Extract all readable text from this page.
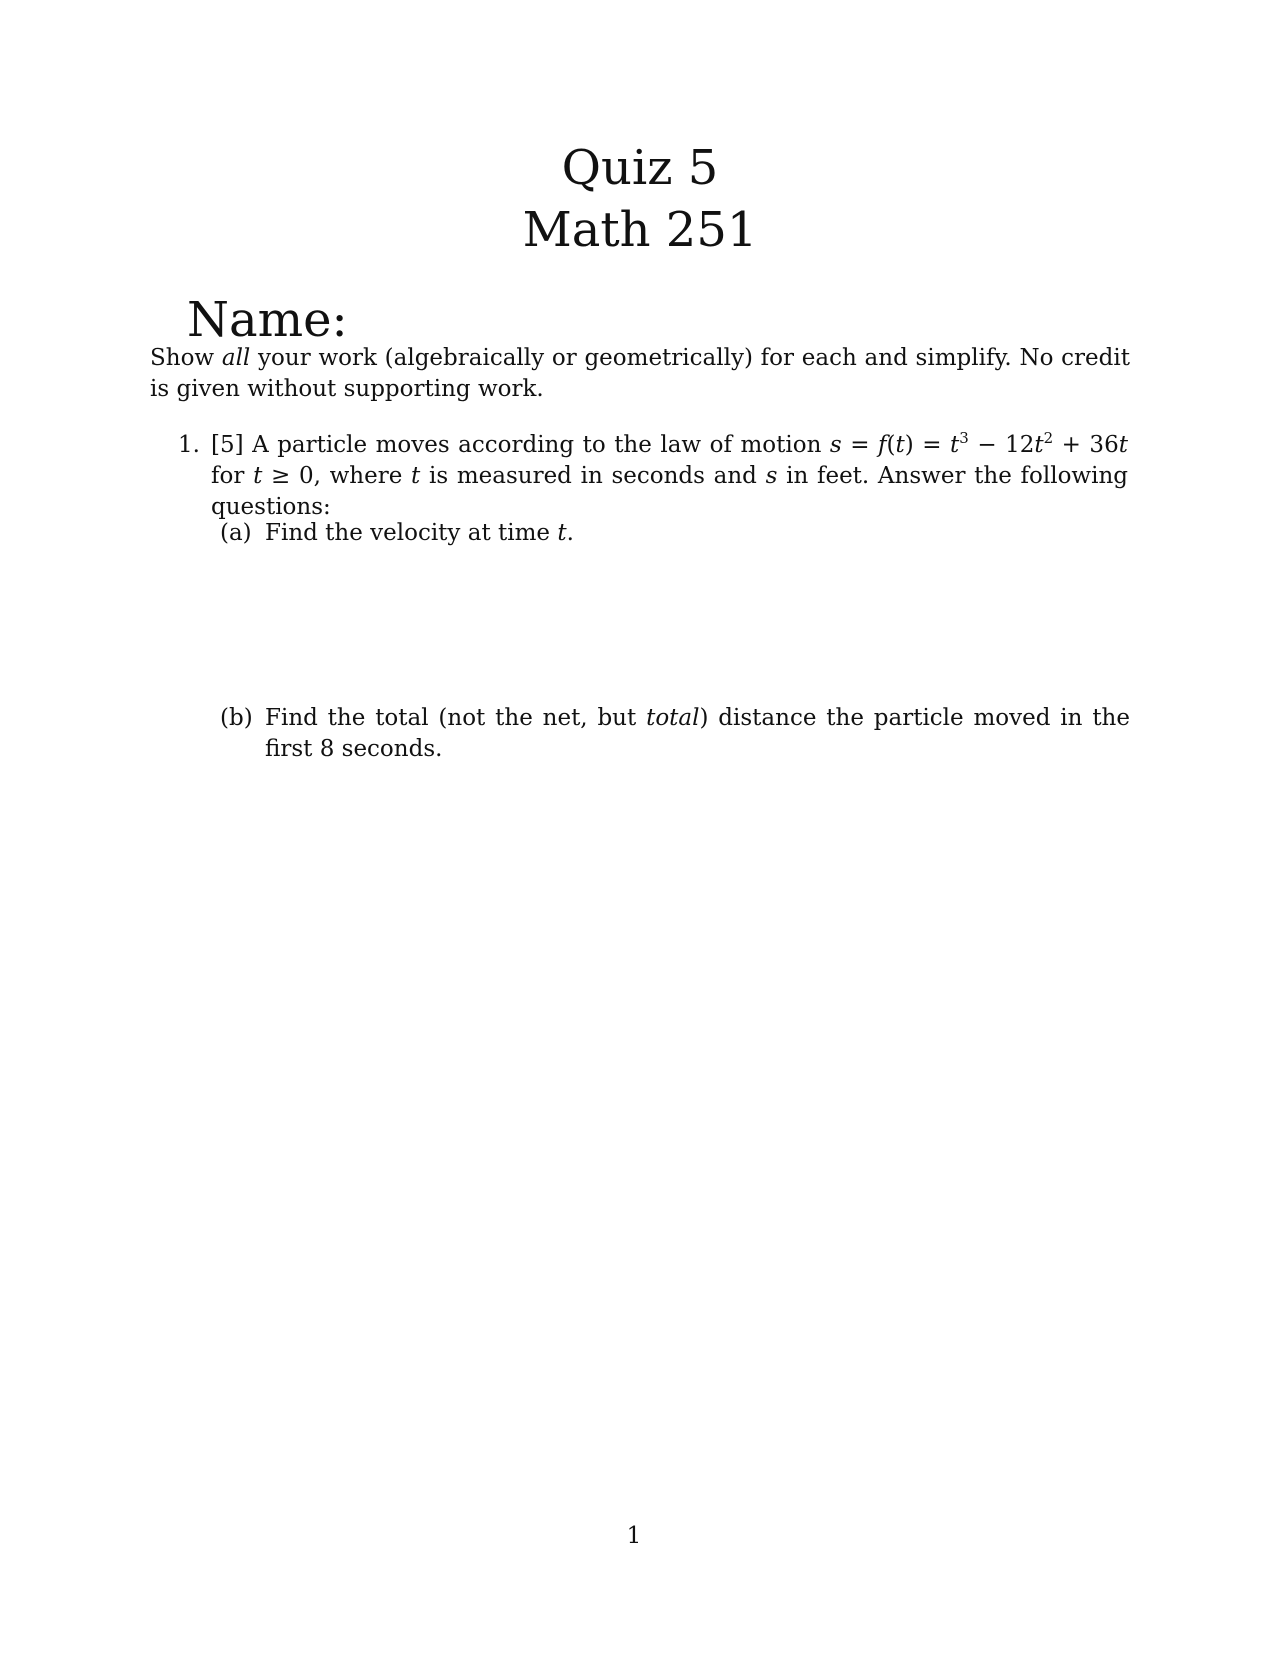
Quiz 5
Math 251
Name:

Show all your work (algebraically or geometrically) for each and simplify. No credit is given without supporting work.

1. [5] A particle moves according to the law of motion $s = f(t) = t^3 - 12t^2 + 36t$ for t ≥ 0, where t is measured in seconds and s in feet. Answer the following questions:
(a) Find the velocity at time t.
(b) Find the total (not the net, but total) distance the particle moved in the first 8 seconds.
1
